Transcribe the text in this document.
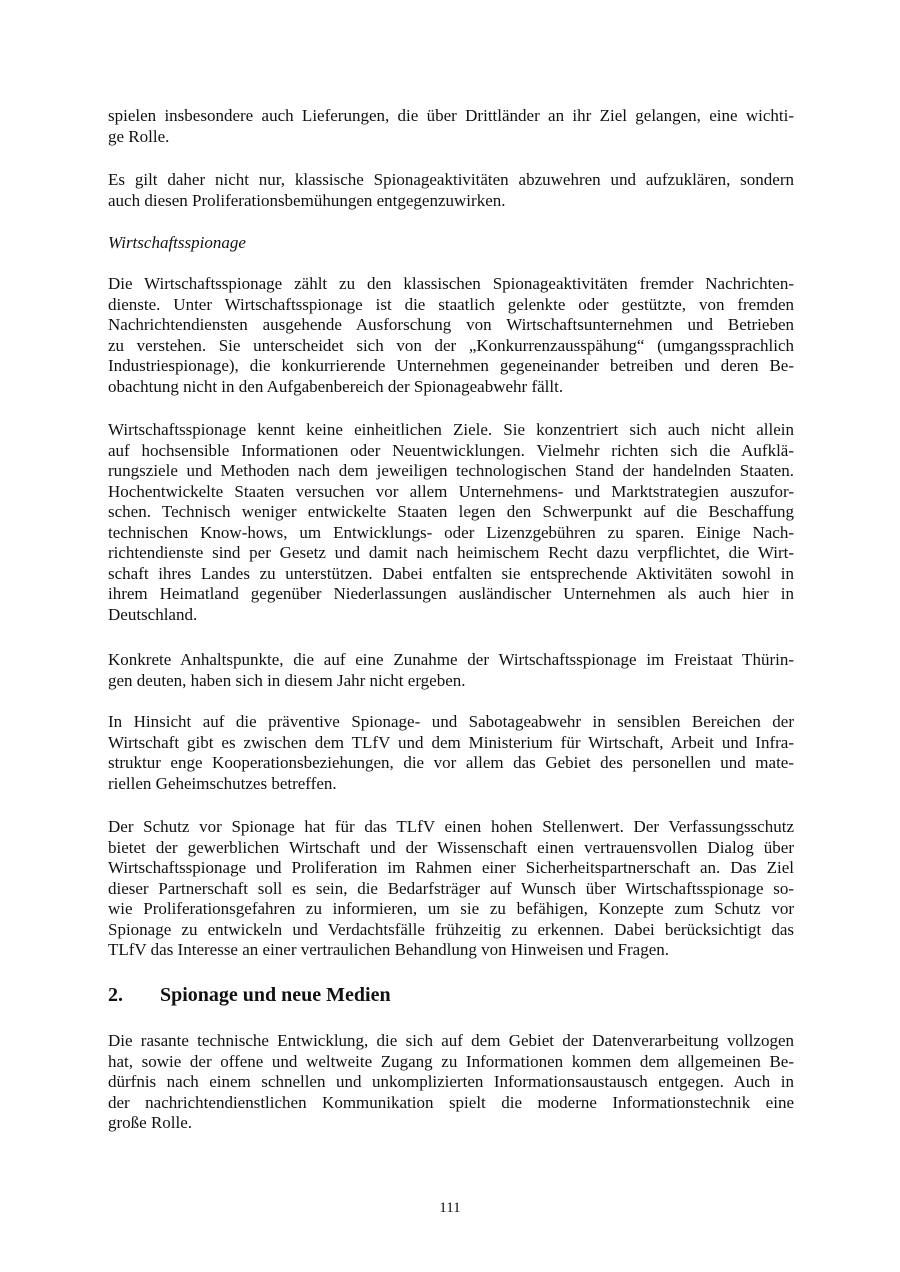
spielen insbesondere auch Lieferungen, die über Drittländer an ihr Ziel gelangen, eine wichti-
ge Rolle.
Es gilt daher nicht nur, klassische Spionageaktivitäten abzuwehren und aufzuklären, sondern
auch diesen Proliferationsbemühungen entgegenzuwirken.
Wirtschaftsspionage
Die Wirtschaftsspionage zählt zu den klassischen Spionageaktivitäten fremder Nachrichten-
dienste. Unter Wirtschaftsspionage ist die staatlich gelenkte oder gestützte, von fremden
Nachrichtendiensten ausgehende Ausforschung von Wirtschaftsunternehmen und Betrieben
zu verstehen. Sie unterscheidet sich von der „Konkurrenzausspähung“ (umgangssprachlich
Industriespionage), die konkurrierende Unternehmen gegeneinander betreiben und deren Be-
obachtung nicht in den Aufgabenbereich der Spionageabwehr fällt.
Wirtschaftsspionage kennt keine einheitlichen Ziele. Sie konzentriert sich auch nicht allein
auf hochsensible Informationen oder Neuentwicklungen. Vielmehr richten sich die Aufklä-
rungsziele und Methoden nach dem jeweiligen technologischen Stand der handelnden Staaten.
Hochentwickelte Staaten versuchen vor allem Unternehmens- und Marktstrategien auszufor-
schen. Technisch weniger entwickelte Staaten legen den Schwerpunkt auf die Beschaffung
technischen Know-hows, um Entwicklungs- oder Lizenzgebühren zu sparen. Einige Nach-
richtendienste sind per Gesetz und damit nach heimischem Recht dazu verpflichtet, die Wirt-
schaft ihres Landes zu unterstützen. Dabei entfalten sie entsprechende Aktivitäten sowohl in
ihrem Heimatland gegenüber Niederlassungen ausländischer Unternehmen als auch hier in
Deutschland.
Konkrete Anhaltspunkte, die auf eine Zunahme der Wirtschaftsspionage im Freistaat Thürin-
gen deuten, haben sich in diesem Jahr nicht ergeben.
In Hinsicht auf die präventive Spionage- und Sabotageabwehr in sensiblen Bereichen der
Wirtschaft gibt es zwischen dem TLfV und dem Ministerium für Wirtschaft, Arbeit und Infra-
struktur enge Kooperationsbeziehungen, die vor allem das Gebiet des personellen und mate-
riellen Geheimschutzes betreffen.
Der Schutz vor Spionage hat für das TLfV einen hohen Stellenwert. Der Verfassungsschutz
bietet der gewerblichen Wirtschaft und der Wissenschaft einen vertrauensvollen Dialog über
Wirtschaftsspionage und Proliferation im Rahmen einer Sicherheitspartnerschaft an. Das Ziel
dieser Partnerschaft soll es sein, die Bedarfsträger auf Wunsch über Wirtschaftsspionage so-
wie Proliferationsgefahren zu informieren, um sie zu befähigen, Konzepte zum Schutz vor
Spionage zu entwickeln und Verdachtsfälle frühzeitig zu erkennen. Dabei berücksichtigt das
TLfV das Interesse an einer vertraulichen Behandlung von Hinweisen und Fragen.
2. Spionage und neue Medien
Die rasante technische Entwicklung, die sich auf dem Gebiet der Datenverarbeitung vollzogen
hat, sowie der offene und weltweite Zugang zu Informationen kommen dem allgemeinen Be-
dürfnis nach einem schnellen und unkomplizierten Informationsaustausch entgegen. Auch in
der nachrichtendienstlichen Kommunikation spielt die moderne Informationstechnik eine
große Rolle.
111
